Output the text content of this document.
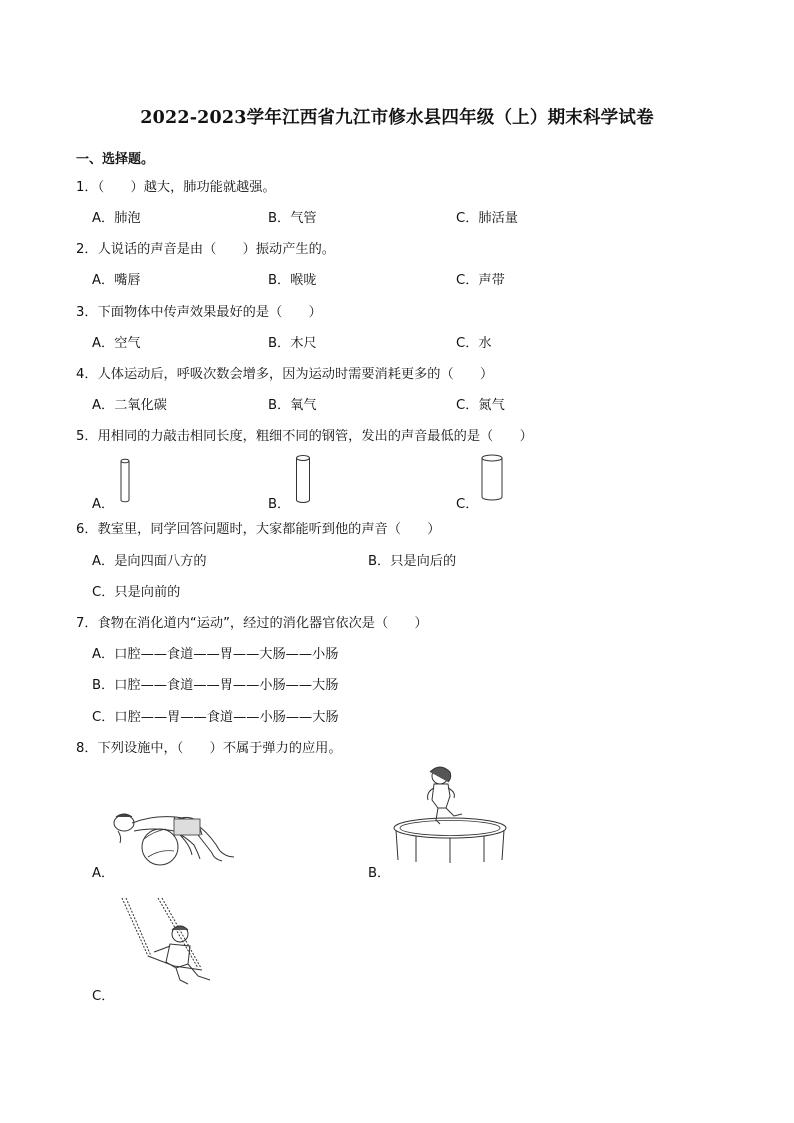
2022-2023学年江西省九江市修水县四年级（上）期末科学试卷
一、选择题。
1．（　　）越大，肺功能就越强。
A．肺泡	B．气管	C．肺活量
2．人说话的声音是由（　　）振动产生的。
A．嘴唇	B．喉咙	C．声带
3．下面物体中传声效果最好的是（　　）
A．空气	B．木尺	C．水
4．人体运动后，呼吸次数会增多，因为运动时需要消耗更多的（　　）
A．二氧化碳	B．氧气	C．氮气
5．用相同的力敲击相同长度，粗细不同的钢管，发出的声音最低的是（　　）
A．	B．	C．
6．教室里，同学回答问题时，大家都能听到他的声音（　　）
A．是向四面八方的	B．只是向后的
C．只是向前的
7．食物在消化道内“运动”，经过的消化器官依次是（　　）
A．口腔——食道——胃——大肠——小肠
B．口腔——食道——胃——小肠——大肠
C．口腔——胃——食道——小肠——大肠
8．下列设施中，（　　）不属于弹力的应用。
A．	B．
C．
